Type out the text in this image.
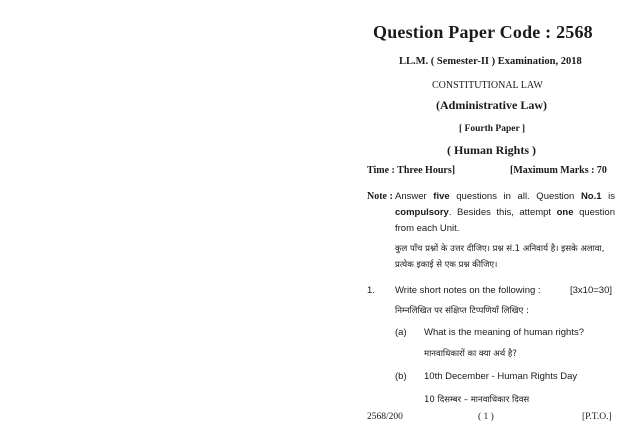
Question Paper Code : 2568
LL.M. ( Semester-II ) Examination, 2018
CONSTITUTIONAL LAW
(Administrative Law)
[ Fourth Paper ]
( Human Rights )
Time : Three Hours]	[Maximum Marks : 70
Note : Answer five questions in all. Question No.1 is compulsory. Besides this, attempt one question from each Unit.
कुल पाँच प्रश्नों के उत्तर दीजिए। प्रश्न सं.1 अनिवार्य है। इसके अलावा, प्रत्येक इकाई से एक प्रश्न कीजिए।
1. Write short notes on the following :	[3x10=30]
निम्नलिखित पर संक्षिप्त टिप्पणियाँ लिखिए :
(a) What is the meaning of human rights?
मानवाधिकारों का क्या अर्थ है?
(b) 10th December - Human Rights Day
10 दिसम्बर – मानवाधिकार दिवस
2568/200	( 1 )	[P.T.O.]
